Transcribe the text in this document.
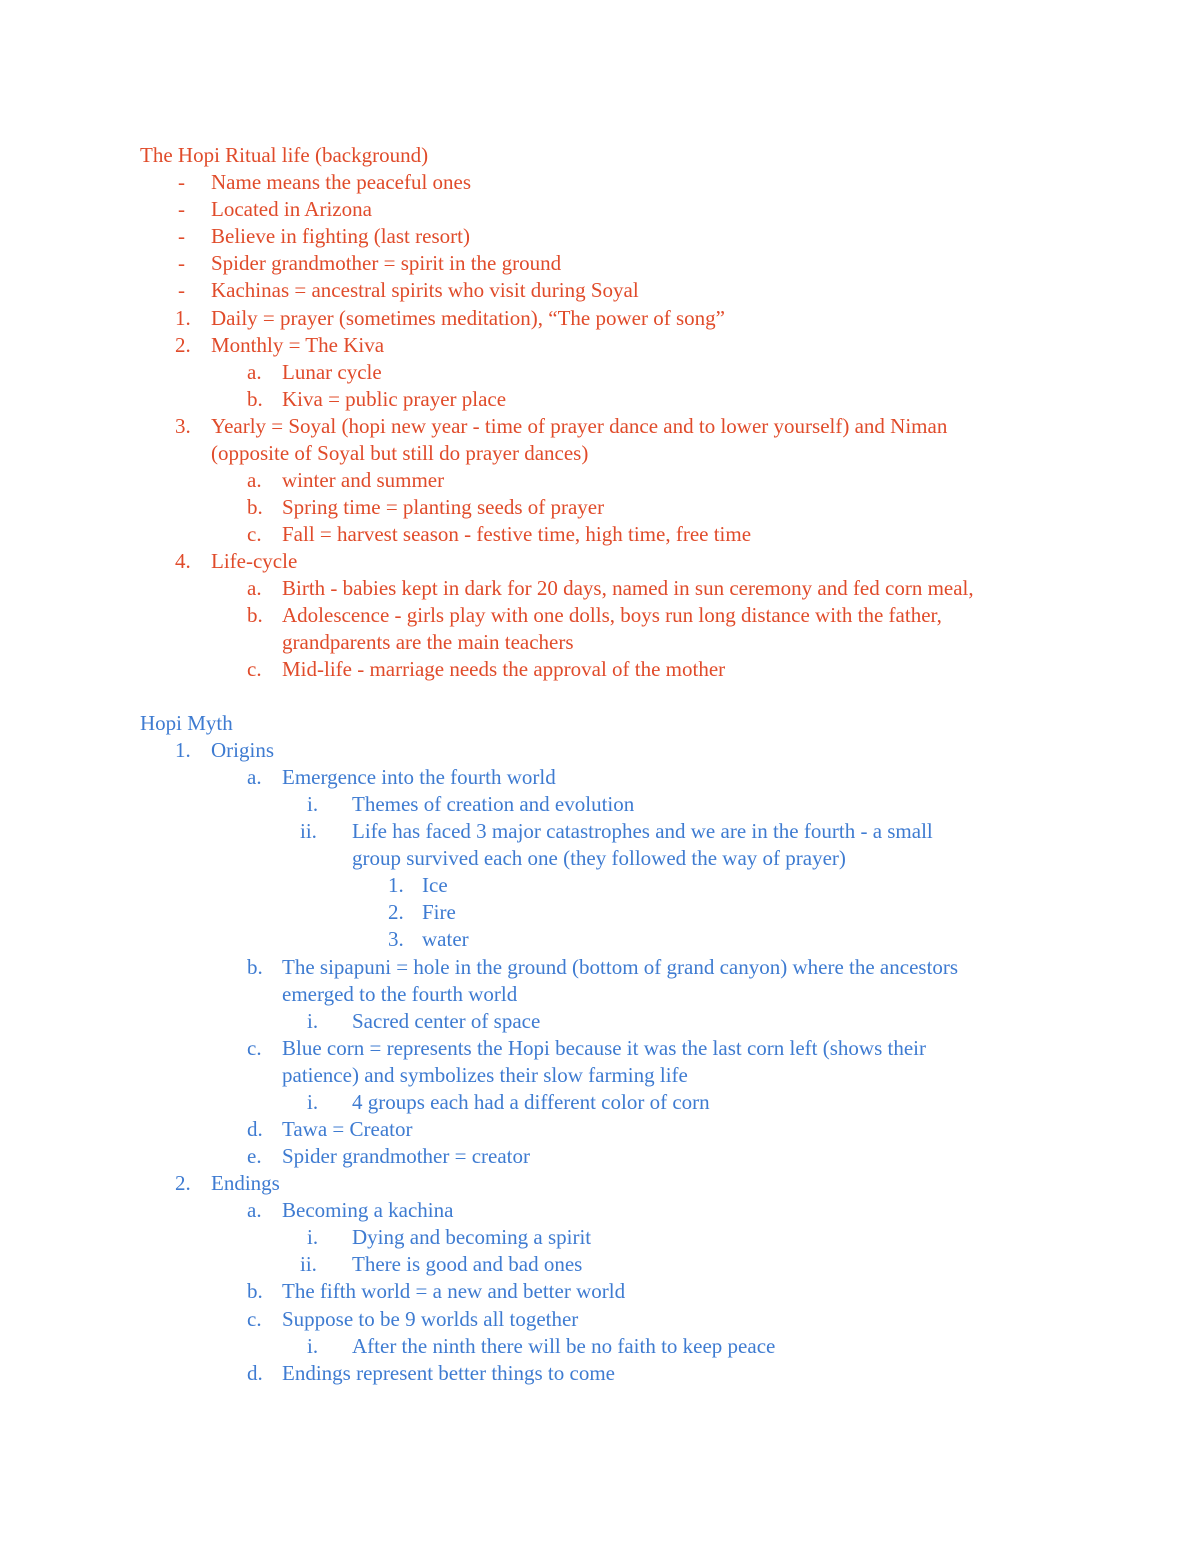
The Hopi Ritual life (background)
- Name means the peaceful ones
- Located in Arizona
- Believe in fighting (last resort)
- Spider grandmother = spirit in the ground
- Kachinas = ancestral spirits who visit during Soyal
1. Daily = prayer (sometimes meditation), “The power of song”
2. Monthly = The Kiva
a. Lunar cycle
b. Kiva = public prayer place
3. Yearly = Soyal (hopi new year - time of prayer dance and to lower yourself) and Niman
(opposite of Soyal but still do prayer dances)
a. winter and summer
b. Spring time = planting seeds of prayer
c. Fall = harvest season - festive time, high time, free time
4. Life-cycle
a. Birth - babies kept in dark for 20 days, named in sun ceremony and fed corn meal,
b. Adolescence - girls play with one dolls, boys run long distance with the father,
grandparents are the main teachers
c. Mid-life - marriage needs the approval of the mother
Hopi Myth
1. Origins
a. Emergence into the fourth world
i. Themes of creation and evolution
ii. Life has faced 3 major catastrophes and we are in the fourth - a small
group survived each one (they followed the way of prayer)
1. Ice
2. Fire
3. water
b. The sipapuni = hole in the ground (bottom of grand canyon) where the ancestors
emerged to the fourth world
i. Sacred center of space
c. Blue corn = represents the Hopi because it was the last corn left (shows their
patience) and symbolizes their slow farming life
i. 4 groups each had a different color of corn
d. Tawa = Creator
e. Spider grandmother = creator
2. Endings
a. Becoming a kachina
i. Dying and becoming a spirit
ii. There is good and bad ones
b. The fifth world = a new and better world
c. Suppose to be 9 worlds all together
i. After the ninth there will be no faith to keep peace
d. Endings represent better things to come
